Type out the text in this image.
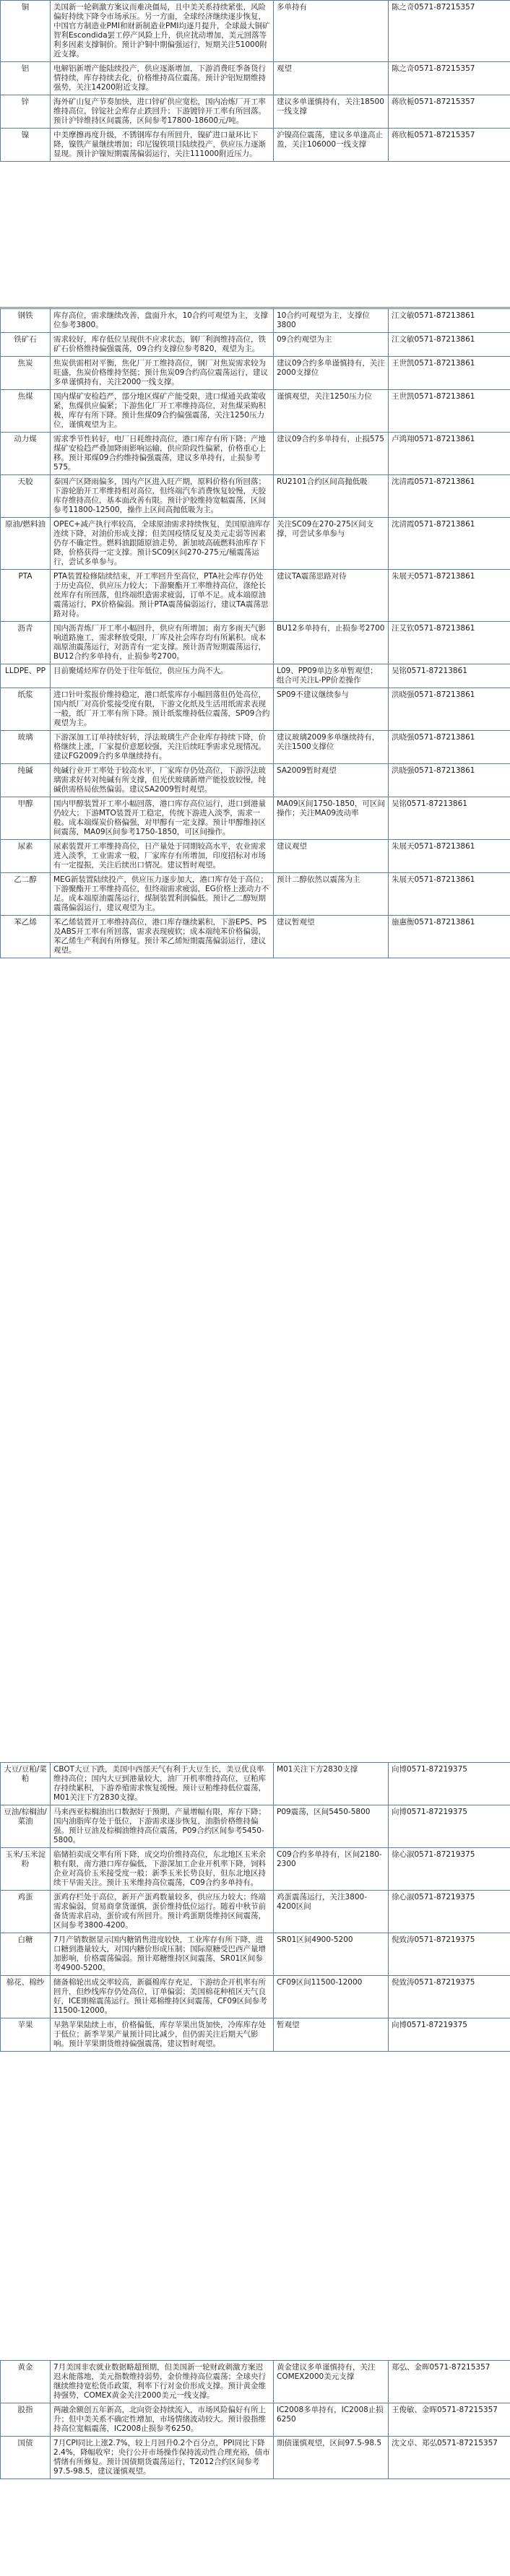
铜	美国新一轮刺激方案议而难决僵局，且中美关系持续紧张，风险偏好持续下降令市场承压。另一方面，全球经济继续逐步恢复，中国官方制造业PMI和财新制造业PMI均逐月提升，全球最大铜矿智利Escondida罢工停产风险上升，供应扰动增加，美元回落等利多因素支撑铜价。预计沪铜中期偏强运行，短期关注51000附近支撑。	多单持有	陈之奇0571-87215357
铝	电解铝新增产能陆续投产，供应逐渐增加，下游消费旺季备货行情持续，库存持续去化，价格维持高位震荡。预计沪铝短期维持强势，关注14200附近支撑。	观望	陈之奇0571-87215357
锌	海外矿山复产节奏加快，进口锌矿供应宽松，国内冶炼厂开工率维持高位，锌锭社会库存止跌回升；下游镀锌开工率有所回落。预计沪锌维持区间震荡，区间参考17800-18600元/吨。	建议多单谨慎持有，关注18500一线支撑	蒋欣栀0571-87215357
镍	中美摩擦再度升级，不锈钢库存有所回升，镍矿进口量环比下降，镍铁产量继续增加；印尼镍铁项目陆续投产，供应压力逐渐显现。预计沪镍短期震荡偏弱运行，关注111000附近压力。	沪镍高位震荡，建议多单逢高止盈，关注106000一线支撑	蒋欣栀0571-87215357
钢铁	库存高位，需求继续改善，盘面升水，10合约可观望为主，支撑位参考3800。	10合约可观望为主，支撑位3800	江文敏0571-87213861
铁矿石	需求较好，库存低位呈现供不应求状态，钢厂利润维持高位，铁矿石价格维持偏强震荡，09合约支撑位参考820，观望为主。	09合约观望为主	江文敏0571-87213861
焦炭	焦炭供需相对平衡，焦化厂开工维持高位，钢厂对焦炭需求较为旺盛，焦炭价格维持坚挺；预计焦炭09合约高位震荡运行，建议多单谨慎持有，关注2000一线支撑。	建议09合约多单谨慎持有，关注2000支撑位	王世凯0571-87213861
焦煤	国内煤矿安检趋严，部分地区煤矿产能受限，进口煤通关政策收紧，焦煤供应偏紧；下游焦化厂开工率维持高位，对焦煤采购积极，库存有所下降。预计焦煤09合约偏强震荡，关注1250压力位，谨慎观望为主。	谨慎观望，关注1250压力位	王世凯0571-87213861
动力煤	需求季节性转好，电厂日耗维持高位，港口库存有所下降；产地煤矿安检趋严叠加降雨影响运输，供应阶段性偏紧，价格重心上移。预计郑煤09合约维持偏强震荡，建议多单持有，止损参考575。	建议09合约多单持有，止损575	卢鸿翔0571-87213861
天胶	泰国产区降雨偏多，国内产区进入旺产期，原料价格有所回落；下游轮胎开工率维持相对高位，但终端汽车消费恢复较慢，天胶库存维持高位，基本面改善有限。预计沪胶维持宽幅震荡，区间参考11800-12500，操作上区间高抛低吸为主。	RU2101合约区间高抛低吸	沈清霞0571-87213861
原油/燃料油	OPEC+减产执行率较高，全球原油需求持续恢复，美国原油库存连续下降，对油价形成支撑；但美国疫情反复及美元走弱等因素仍存不确定性。燃料油跟随原油走势，新加坡高硫燃料油库存下降，价格获得一定支撑。预计SC09区间270-275元/桶震荡运行，尝试多单参与。	关注SC09在270-275区间支撑，可尝试多单参与	沈清霞0571-87213861
PTA	PTA装置检修陆续结束，开工率回升至高位，PTA社会库存仍处于历史高位，供应压力较大；下游聚酯开工率维持高位，涤纶长丝库存有所回落，但终端织造需求疲弱，订单不足。成本端原油震荡运行，PX价格偏弱。预计PTA震荡偏弱运行，建议TA震荡思路对待。	建议TA震荡思路对待	朱展天0571-87213861
沥青	国内沥青炼厂开工率小幅回升，供应有所增加；南方多雨天气影响道路施工，需求释放受限，厂库及社会库存均有所累积。成本端原油震荡运行，对沥青有一定支撑。预计沥青短期震荡运行，BU12合约多单持有，止损参考2700。	BU12多单持有，止损参考2700	汪艾钦0571-87213861
LLDPE、PP	目前聚烯烃库存仍处于往年低位，供应压力尚不大。	L09、PP09单边多单暂观望；组合可关注L-PP价差操作	吴铭0571-87213861
纸浆	进口针叶浆报价维持稳定，港口纸浆库存小幅回落但仍处高位，国内纸厂对高价浆接受度有限，下游文化纸及生活用纸需求表现一般，纸厂开工率有所下降。预计纸浆维持低位震荡，SP09合约观望为主。	SP09不建议继续参与	洪晓强0571-87213861
玻璃	下游深加工订单持续好转，浮法玻璃生产企业库存持续下降，价格继续上涨，厂家提价意愿较强，关注后续旺季需求兑现情况。建议FG2009合约多单继续持有。	建议玻璃2009多单继续持有，关注1500支撑位	洪晓强0571-87213861
纯碱	纯碱行业开工率处于较高水平，厂家库存仍处高位，下游浮法玻璃需求好转对纯碱有所支撑，但光伏玻璃新增产能投放较慢，纯碱供需格局依然偏弱。建议SA2009暂时观望。	SA2009暂时观望	洪晓强0571-87213861
甲醇	国内甲醇装置开工率小幅回落，港口库存高位运行，进口到港量仍较大；下游MTO装置开工稳定，传统下游进入淡季，需求一般。成本端煤炭价格偏强，对甲醇有一定支撑。预计甲醇维持区间震荡，MA09区间参考1750-1850，可区间操作。	MA09区间1750-1850，可区间操作；关注MA09波动率	吴铭0571-87213861
尿素	尿素装置开工率维持高位，日产量处于同期较高水平，农业需求进入淡季，工业需求一般，厂家库存有所增加，印度招标对市场有一定提振，关注后续出口情况。建议暂时观望。	建议观望	朱展天0571-87213861
乙二醇	MEG新装置陆续投产，供应压力逐步加大，港口库存处于高位；下游聚酯开工率维持高位，但终端需求疲弱，EG价格上涨动力不足。成本端原油震荡运行，煤制装置利润偏低。预计乙二醇短期震荡偏弱运行，建议观望为主。	预计二醇依然以震荡为主	朱展天0571-87213861
苯乙烯	苯乙烯装置开工率维持高位，港口库存继续累积，下游EPS、PS及ABS开工率有所回落，需求表现疲软；成本端纯苯价格偏弱，苯乙烯生产利润有所修复。预计苯乙烯短期震荡偏弱运行，建议观望。	建议暂观望	施惠衡0571-87213861
大豆/豆粕/菜粕	CBOT大豆下跌，美国中西部天气有利于大豆生长，美豆优良率维持高位；国内大豆到港量较大，油厂开机率维持高位，豆粕库存持续累积，下游养殖需求恢复缓慢。预计豆粕维持低位震荡，M01关注下方2830支撑。	M01关注下方2830支撑	向博0571-87219375
豆油/棕榈油/菜油	马来西亚棕榈油出口数据好于预期，产量增幅有限，库存下降；国内油脂库存处于低位，下游需求逐步恢复，油脂价格维持偏强。预计豆油及棕榈油维持高位震荡，P09合约区间参考5450-5800。	P09震荡，区间5450-5800	向博0571-87219375
玉米/玉米淀粉	临储拍卖成交率有所下降，成交均价维持高位，东北地区玉米余粮有限，南方港口库存偏低，下游深加工企业开机率下降，饲料企业对高价玉米接受度一般；新季玉米长势良好，但东北地区持续干旱需关注。预计玉米维持高位震荡，C09合约多单持有。	C09合约多单持有，区间2180-2300	徐心淑0571-87219375
鸡蛋	蛋鸡存栏处于高位，新开产蛋鸡数量较多，供应压力较大；终端需求偏弱，贸易商拿货谨慎，蛋价维持低位运行。随着中秋节前备货需求启动，蛋价或有所回升。预计鸡蛋期货维持区间震荡，区间参考3800-4200。	鸡蛋震荡运行，关注3800-4200区间	徐心淑0571-87219375
白糖	7月产销数据显示国内糖销售进度较快，工业库存有所下降，进口糖到港量较大，对国内糖价形成压制；国际原糖受巴西产量增加影响，价格震荡偏弱。预计郑糖维持区间震荡，SR01区间参考4900-5200。	SR01区间4900-5200	倪致涛0571-87219375
棉花、棉纱	储备棉轮出成交率较高，新疆棉库存充足，下游纺企开机率有所回升，但纱线库存仍处高位，订单偏弱；美国棉花种植区天气良好，ICE期棉震荡运行。预计郑棉维持区间震荡，CF09区间参考11500-12000。	CF09区间11500-12000	倪致涛0571-87219375
苹果	早熟苹果陆续上市，价格偏低，库存苹果出货加快，冷库库存处于低位；新季苹果产量预计同比减少，但仍需关注后期天气影响。预计苹果期货维持偏强震荡，建议暂时观望。	暂观望	向博0571-87219375
黄金	7月美国非农就业数据略超预期，但美国新一轮财政刺激方案迟迟未能落地，美元指数维持弱势，金价维持高位震荡；全球央行继续维持宽松货币政策，利率下行对金价形成支撑。预计黄金维持强势，COMEX黄金关注2000美元一线支撑。	黄金建议多单谨慎持有，关注COMEX2000美元支撑	郑弘、金晖0571-87215357
股指	两融余额创五年新高，北向资金持续流入，市场风险偏好有所上升；但中美关系不确定性增加，市场情绪波动较大。预计股指维持高位宽幅震荡，IC2008止损参考6250。	IC2008多单持有，IC2008止损6250	王俊敏、金晖0571-87215357
国债	7月CPI同比上涨2.7%，较上月回升0.2个百分点，PPI同比下降2.4%，降幅收窄；央行公开市场操作保持流动性合理充裕，债市情绪有所修复。预计国债期货震荡运行，T2012合约区间参考97.5-98.5，建议谨慎观望。	期债谨慎观望，区间97.5-98.5	沈文卓、郑弘0571-87215357
